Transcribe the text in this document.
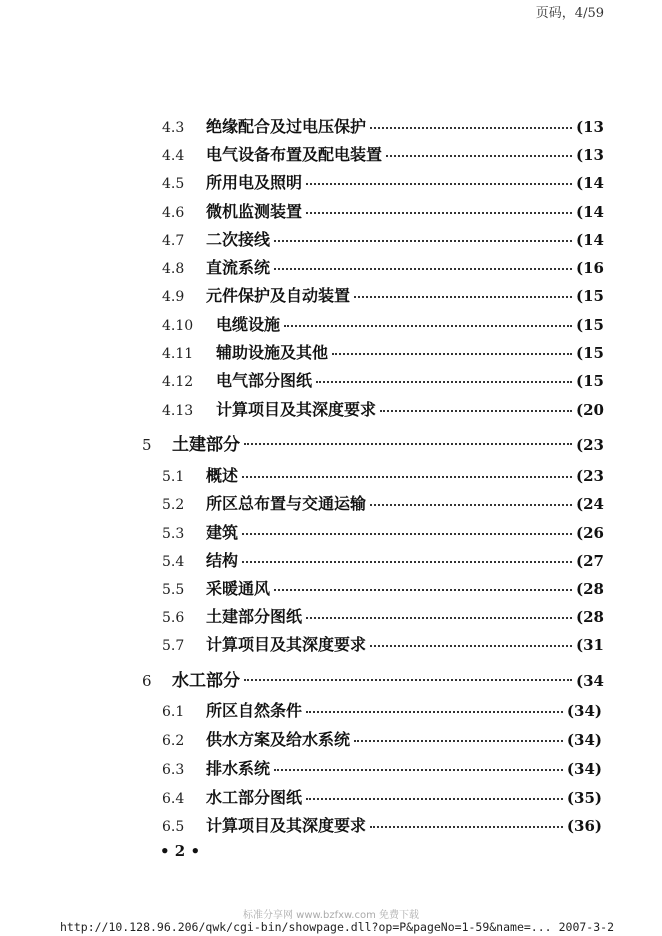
页码，4/59
4.3	绝缘配合及过电压保护	(13
4.4	电气设备布置及配电装置	(13
4.5	所用电及照明	(14
4.6	微机监测装置	(14
4.7	二次接线	(14
4.8	直流系统	(16
4.9	元件保护及自动装置	(15
4.10	电缆设施	(15
4.11	辅助设施及其他	(15
4.12	电气部分图纸	(15
4.13	计算项目及其深度要求	(20
5	土建部分	(23
5.1	概述	(23
5.2	所区总布置与交通运输	(24
5.3	建筑	(26
5.4	结构	(27
5.5	采暖通风	(28
5.6	土建部分图纸	(28
5.7	计算项目及其深度要求	(31
6	水工部分	(34
6.1	所区自然条件	(34)
6.2	供水方案及给水系统	(34)
6.3	排水系统	(34)
6.4	水工部分图纸	(35)
6.5	计算项目及其深度要求	(36)
• 2 •
标准分享网 www.bzfxw.com 免费下载
http://10.128.96.206/qwk/cgi-bin/showpage.dll?op=P&pageNo=1-59&name=... 2007-3-2
